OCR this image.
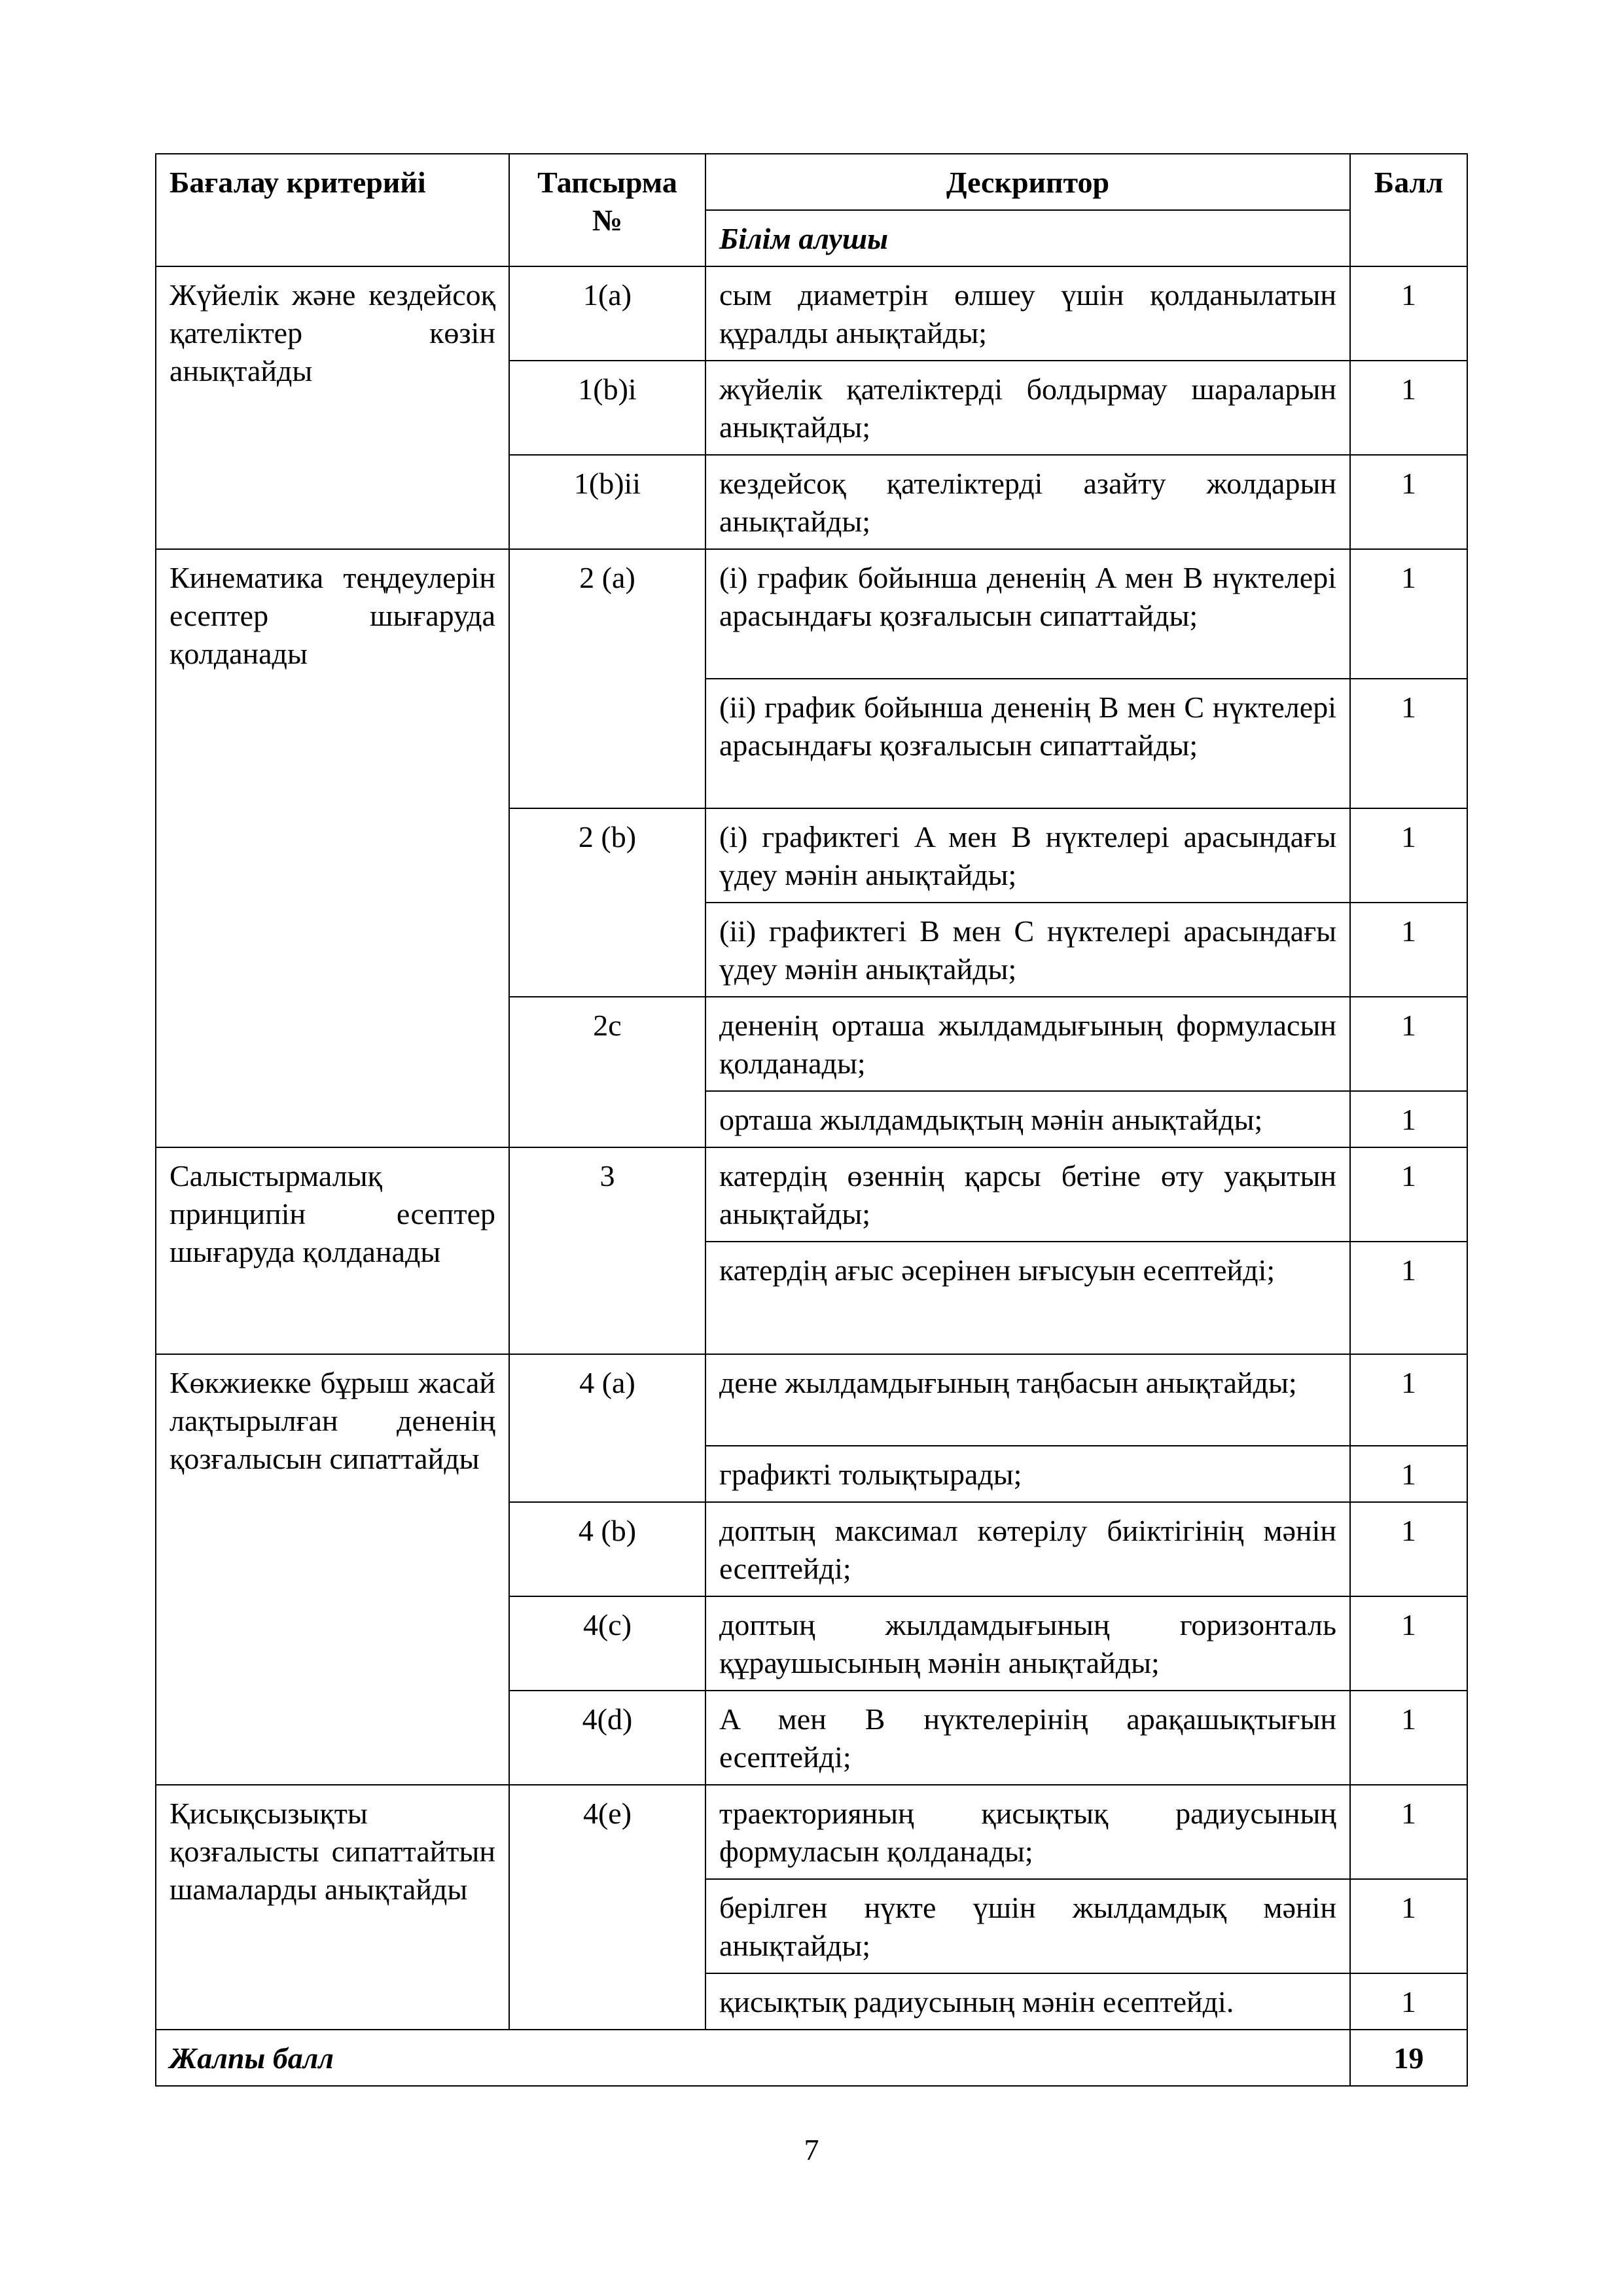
Бағалау критерийі	Тапсырма №	Дескриптор	Балл
		Білім алушы	
Жүйелік және кездейсоқ қателіктер көзін анықтайды	1(a)	сым диаметрін өлшеу үшін қолданылатын құралды анықтайды;	1
	1(b)i	жүйелік қателіктерді болдырмау шараларын анықтайды;	1
	1(b)ii	кездейсоқ қателіктерді азайту жолдарын анықтайды;	1
Кинематика теңдеулерін есептер шығаруда қолданады	2 (a)	(i) график бойынша дененің A мен B нүктелері арасындағы қозғалысын сипаттайды;	1
		(ii) график бойынша дененің B мен C нүктелері арасындағы қозғалысын сипаттайды;	1
	2 (b)	(i) графиктегі A мен B нүктелері арасындағы үдеу мәнін анықтайды;	1
		(ii) графиктегі B мен C нүктелері арасындағы үдеу мәнін анықтайды;	1
	2c	дененің орташа жылдамдығының формуласын қолданады;	1
		орташа жылдамдықтың мәнін анықтайды;	1
Салыстырмалық принципін есептер шығаруда қолданады	3	катердің өзеннің қарсы бетіне өту уақытын анықтайды;	1
		катердің ағыс әсерінен ығысуын есептейді;	1
Көкжиекке бұрыш жасай лақтырылған дененің қозғалысын сипаттайды	4 (a)	дене жылдамдығының таңбасын анықтайды;	1
		графикті толықтырады;	1
	4 (b)	доптың максимал көтерілу биіктігінің мәнін есептейді;	1
	4(c)	доптың жылдамдығының горизонталь құраушысының мәнін анықтайды;	1
	4(d)	A мен B нүктелерінің арақашықтығын есептейді;	1
Қисықсызықты қозғалысты сипаттайтын шамаларды анықтайды	4(e)	траекторияның қисықтық радиусының формуласын қолданады;	1
		берілген нүкте үшін жылдамдық мәнін анықтайды;	1
		қисықтық радиусының мәнін есептейді.	1
Жалпы балл			19
7
